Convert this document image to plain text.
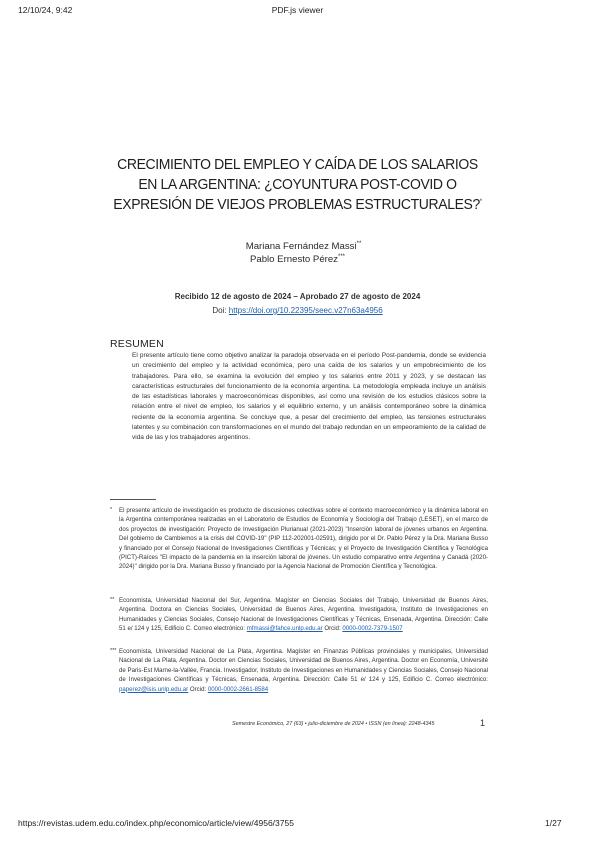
12/10/24, 9:42	PDF.js viewer
CRECIMIENTO DEL EMPLEO Y CAÍDA DE LOS SALARIOS
EN LA ARGENTINA: ¿COYUNTURA POST-COVID O
EXPRESIÓN DE VIEJOS PROBLEMAS ESTRUCTURALES?*
Mariana Fernández Massi**
Pablo Ernesto Pérez***
Recibido 12 de agosto de 2024 – Aprobado 27 de agosto de 2024
Doi: https://doi.org/10.22395/seec.v27n63a4956
RESUMEN
El presente artículo tiene como objetivo analizar la paradoja observada en el período Post-pandemia, donde se evidencia un crecimiento del empleo y la actividad económica, pero una caída de los salarios y un empobrecimiento de los trabajadores. Para ello, se examina la evolución del empleo y los salarios entre 2011 y 2023, y se destacan las características estructurales del funcionamiento de la economía argentina. La metodología empleada incluye un análisis de las estadísticas laborales y macroeconómicas disponibles, así como una revisión de los estudios clásicos sobre la relación entre el nivel de empleo, los salarios y el equilibrio externo, y un análisis contemporáneo sobre la dinámica reciente de la economía argentina. Se concluye que, a pesar del crecimiento del empleo, las tensiones estructurales latentes y su combinación con transformaciones en el mundo del trabajo redundan en un empeoramiento de la calidad de vida de las y los trabajadores argentinos.
* El presente artículo de investigación es producto de discusiones colectivas sobre el contexto macroeconómico y la dinámica laboral en la Argentina contemporánea realizadas en el Laboratorio de Estudios de Economía y Sociología del Trabajo (LESET), en el marco de dos proyectos de investigación: Proyecto de Investigación Plurianual (2021-2023) "Inserción laboral de jóvenes urbanos en Argentina. Del gobierno de Cambiemos a la crisis del COVID-19" (PIP 112-202001-02591), dirigido por el Dr. Pablo Pérez y la Dra. Mariana Busso y financiado por el Consejo Nacional de Investigaciones Científicas y Técnicas; y el Proyecto de Investigación Científica y Tecnológica (PICT)-Raíces "El impacto de la pandemia en la inserción laboral de jóvenes. Un estudio comparativo entre Argentina y Canadá (2020-2024)" dirigido por la Dra. Mariana Busso y financiado por la Agencia Nacional de Promoción Científica y Tecnológica.
** Economista, Universidad Nacional del Sur, Argentina. Magíster en Ciencias Sociales del Trabajo, Universidad de Buenos Aires, Argentina. Doctora en Ciencias Sociales, Universidad de Buenos Aires, Argentina. Investigadora, Instituto de Investigaciones en Humanidades y Ciencias Sociales, Consejo Nacional de Investigaciones Científicas y Técnicas, Ensenada, Argentina. Dirección: Calle 51 e/ 124 y 125, Edificio C. Correo electrónico: mfmassi@fahce.unlp.edu.ar Orcid: 0000-0002-7379-1507
*** Economista, Universidad Nacional de La Plata, Argentina. Magíster en Finanzas Públicas provinciales y municipales, Universidad Nacional de La Plata, Argentina. Doctor en Ciencias Sociales, Universidad de Buenos Aires, Argentina. Doctor en Economía, Université de Paris-Est Marne-la-Vallée, Francia. Investigador, Instituto de Investigaciones en Humanidades y Ciencias Sociales, Consejo Nacional de Investigaciones Científicas y Técnicas, Ensenada, Argentina. Dirección: Calle 51 e/ 124 y 125, Edificio C. Correo electrónico: paperez@isis.unlp.edu.ar Orcid: 0000-0002-2661-8584
Semestre Económico, 27 (63) • julio-diciembre de 2024 • ISSN (en línea): 2248-4345	1
https://revistas.udem.edu.co/index.php/economico/article/view/4956/3755	1/27
